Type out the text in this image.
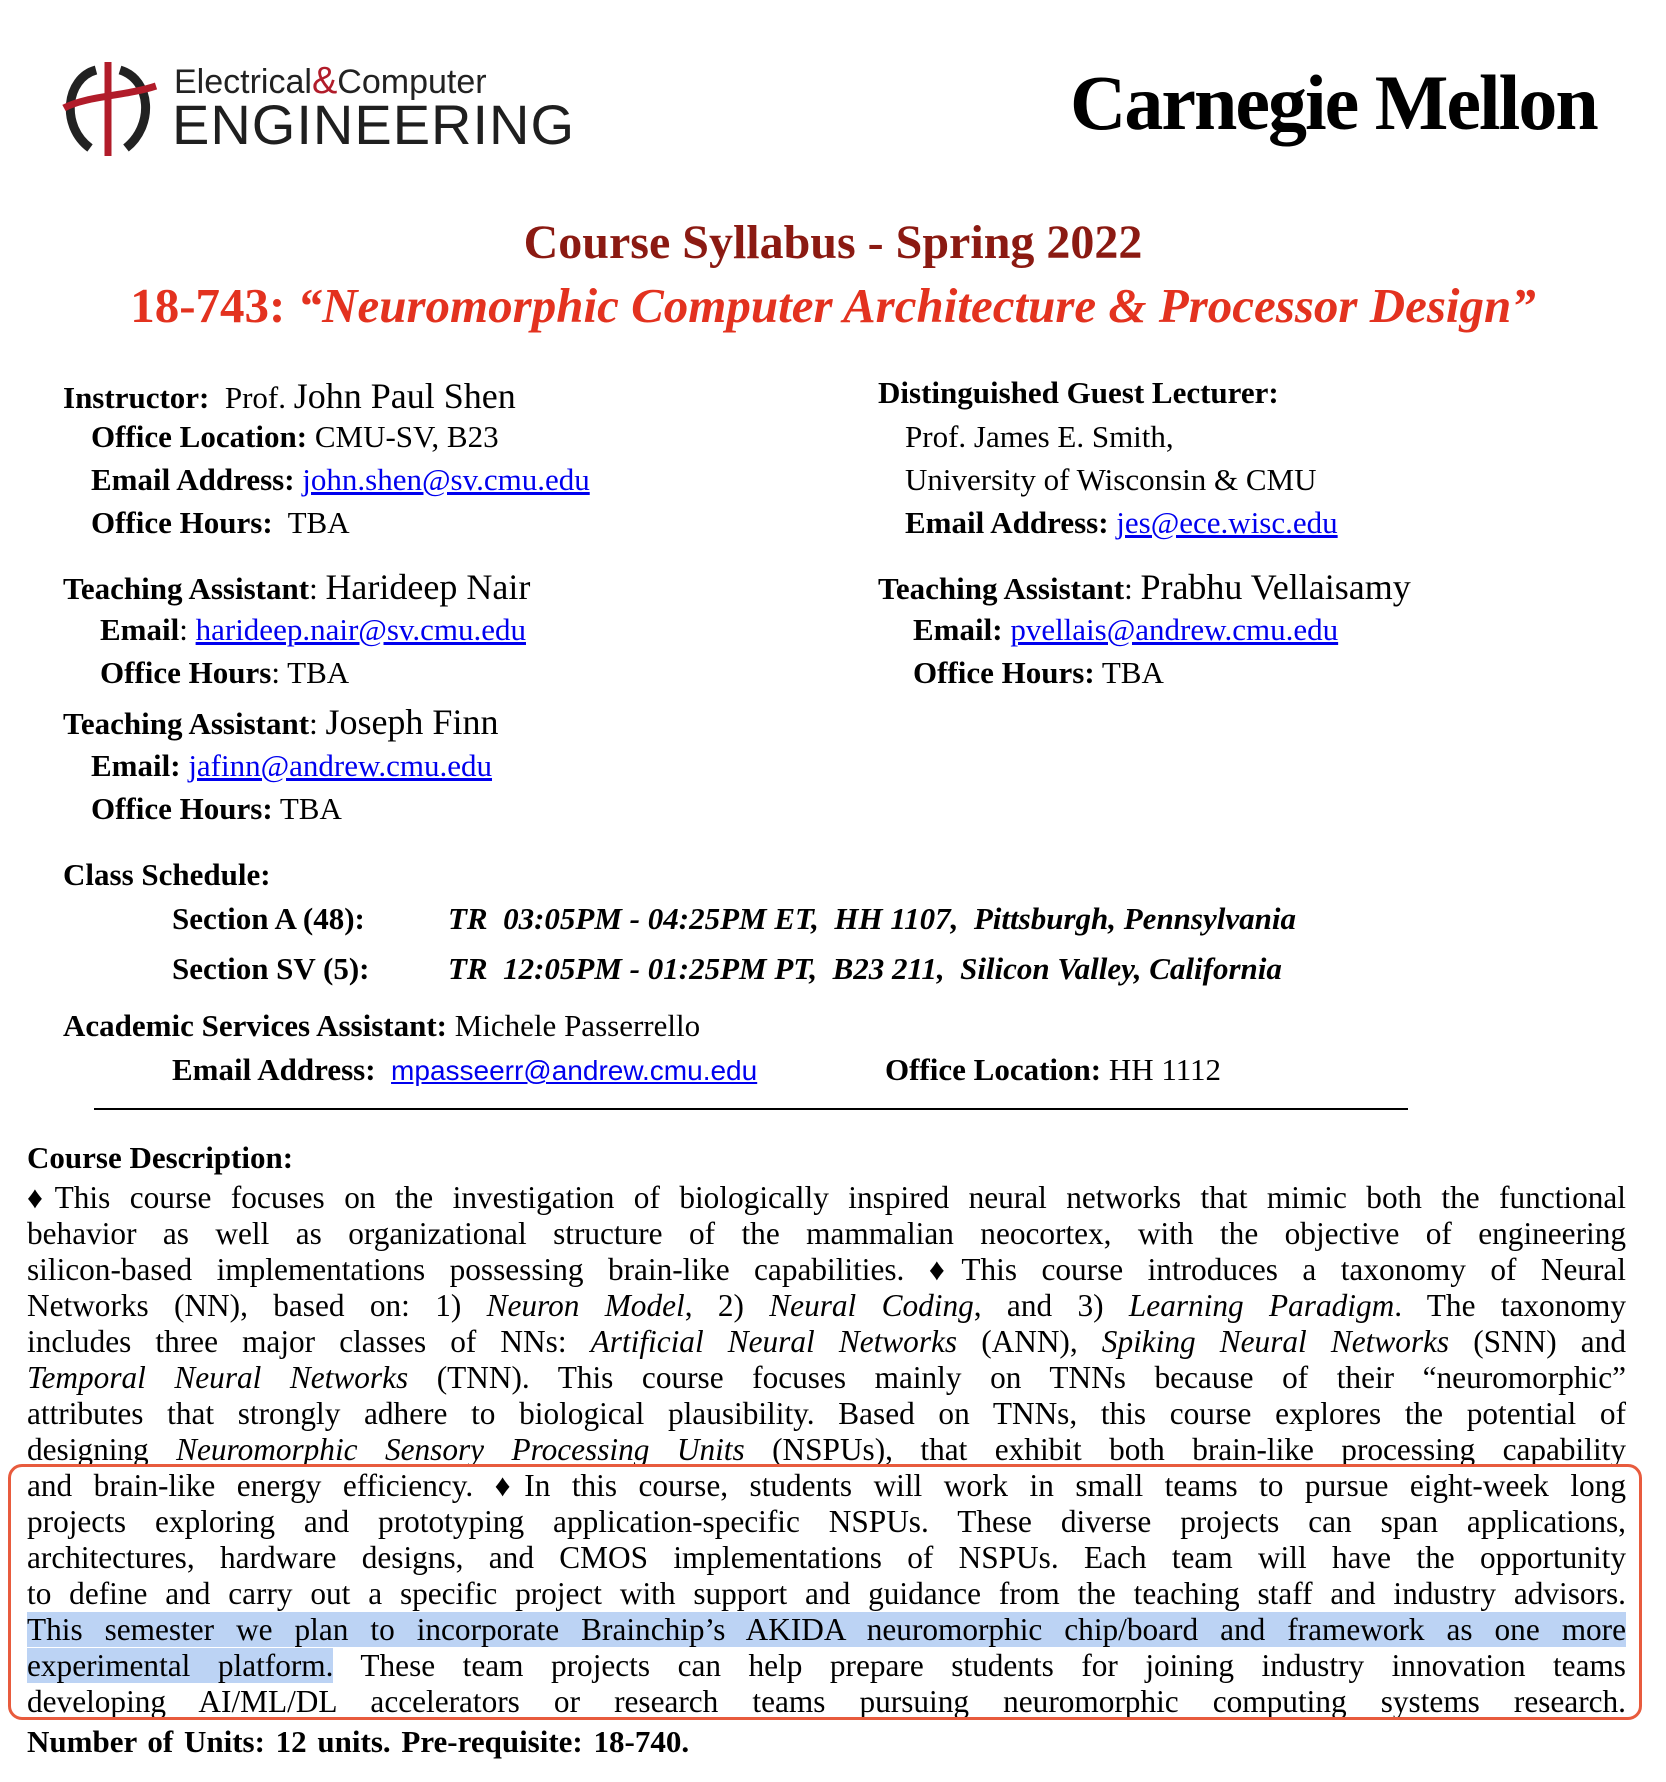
Electrical&Computer
ENGINEERING	Carnegie Mellon
Course Syllabus - Spring 2022
18-743: “Neuromorphic Computer Architecture & Processor Design”
Instructor: Prof. John Paul Shen
Office Location: CMU-SV, B23
Email Address: john.shen@sv.cmu.edu
Office Hours: TBA
Distinguished Guest Lecturer:
Prof. James E. Smith,
University of Wisconsin & CMU
Email Address: jes@ece.wisc.edu
Teaching Assistant: Harideep Nair
Email: harideep.nair@sv.cmu.edu
Office Hours: TBA
Teaching Assistant: Prabhu Vellaisamy
Email: pvellais@andrew.cmu.edu
Office Hours: TBA
Teaching Assistant: Joseph Finn
Email: jafinn@andrew.cmu.edu
Office Hours: TBA
Class Schedule:
Section A (48):	TR  03:05PM - 04:25PM ET,  HH 1107,  Pittsburgh, Pennsylvania
Section SV (5):	TR  12:05PM - 01:25PM PT,  B23 211,  Silicon Valley, California
Academic Services Assistant: Michele Passerrello
Email Address: mpasseerr@andrew.cmu.edu	Office Location: HH 1112
Course Description:
♦This course focuses on the investigation of biologically inspired neural networks that mimic both the functional
behavior as well as organizational structure of the mammalian neocortex, with the objective of engineering
silicon-based implementations possessing brain-like capabilities. ♦This course introduces a taxonomy of Neural
Networks (NN), based on: 1) Neuron Model, 2) Neural Coding, and 3) Learning Paradigm. The taxonomy
includes three major classes of NNs: Artificial Neural Networks (ANN), Spiking Neural Networks (SNN) and
Temporal Neural Networks (TNN). This course focuses mainly on TNNs because of their “neuromorphic”
attributes that strongly adhere to biological plausibility. Based on TNNs, this course explores the potential of
designing Neuromorphic Sensory Processing Units (NSPUs), that exhibit both brain-like processing capability
and brain-like energy efficiency. ♦In this course, students will work in small teams to pursue eight-week long
projects exploring and prototyping application-specific NSPUs. These diverse projects can span applications,
architectures, hardware designs, and CMOS implementations of NSPUs. Each team will have the opportunity
to define and carry out a specific project with support and guidance from the teaching staff and industry advisors.
This semester we plan to incorporate Brainchip’s AKIDA neuromorphic chip/board and framework as one more
experimental platform. These team projects can help prepare students for joining industry innovation teams
developing AI/ML/DL accelerators or research teams pursuing neuromorphic computing systems research.
Number of Units: 12 units. Pre-requisite: 18-740.
